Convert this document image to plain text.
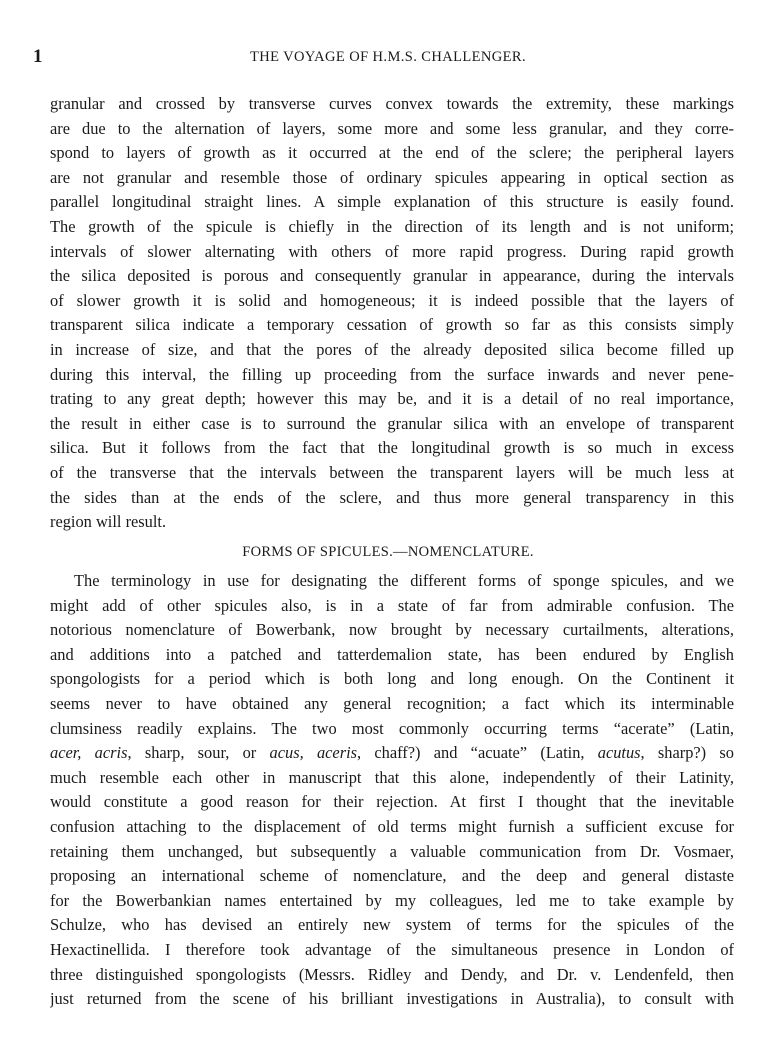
1	THE VOYAGE OF H.M.S. CHALLENGER.
granular and crossed by transverse curves convex towards the extremity, these markings
are due to the alternation of layers, some more and some less granular, and they corre-
spond to layers of growth as it occurred at the end of the sclere; the peripheral layers
are not granular and resemble those of ordinary spicules appearing in optical section as
parallel longitudinal straight lines. A simple explanation of this structure is easily found.
The growth of the spicule is chiefly in the direction of its length and is not uniform;
intervals of slower alternating with others of more rapid progress. During rapid growth
the silica deposited is porous and consequently granular in appearance, during the intervals
of slower growth it is solid and homogeneous; it is indeed possible that the layers of
transparent silica indicate a temporary cessation of growth so far as this consists simply
in increase of size, and that the pores of the already deposited silica become filled up
during this interval, the filling up proceeding from the surface inwards and never pene-
trating to any great depth; however this may be, and it is a detail of no real importance,
the result in either case is to surround the granular silica with an envelope of transparent
silica. But it follows from the fact that the longitudinal growth is so much in excess
of the transverse that the intervals between the transparent layers will be much less at
the sides than at the ends of the sclere, and thus more general transparency in this
region will result.
FORMS OF SPICULES.—NOMENCLATURE.
The terminology in use for designating the different forms of sponge spicules, and we
might add of other spicules also, is in a state of far from admirable confusion. The
notorious nomenclature of Bowerbank, now brought by necessary curtailments, alterations,
and additions into a patched and tatterdemalion state, has been endured by English
spongologists for a period which is both long and long enough. On the Continent it
seems never to have obtained any general recognition; a fact which its interminable
clumsiness readily explains. The two most commonly occurring terms “acerate” (Latin,
acer, acris, sharp, sour, or acus, aceris, chaff?) and “acuate” (Latin, acutus, sharp?) so
much resemble each other in manuscript that this alone, independently of their Latinity,
would constitute a good reason for their rejection. At first I thought that the inevitable
confusion attaching to the displacement of old terms might furnish a sufficient excuse for
retaining them unchanged, but subsequently a valuable communication from Dr. Vosmaer,
proposing an international scheme of nomenclature, and the deep and general distaste
for the Bowerbankian names entertained by my colleagues, led me to take example by
Schulze, who has devised an entirely new system of terms for the spicules of the
Hexactinellida. I therefore took advantage of the simultaneous presence in London of
three distinguished spongologists (Messrs. Ridley and Dendy, and Dr. v. Lendenfeld, then
just returned from the scene of his brilliant investigations in Australia), to consult with
